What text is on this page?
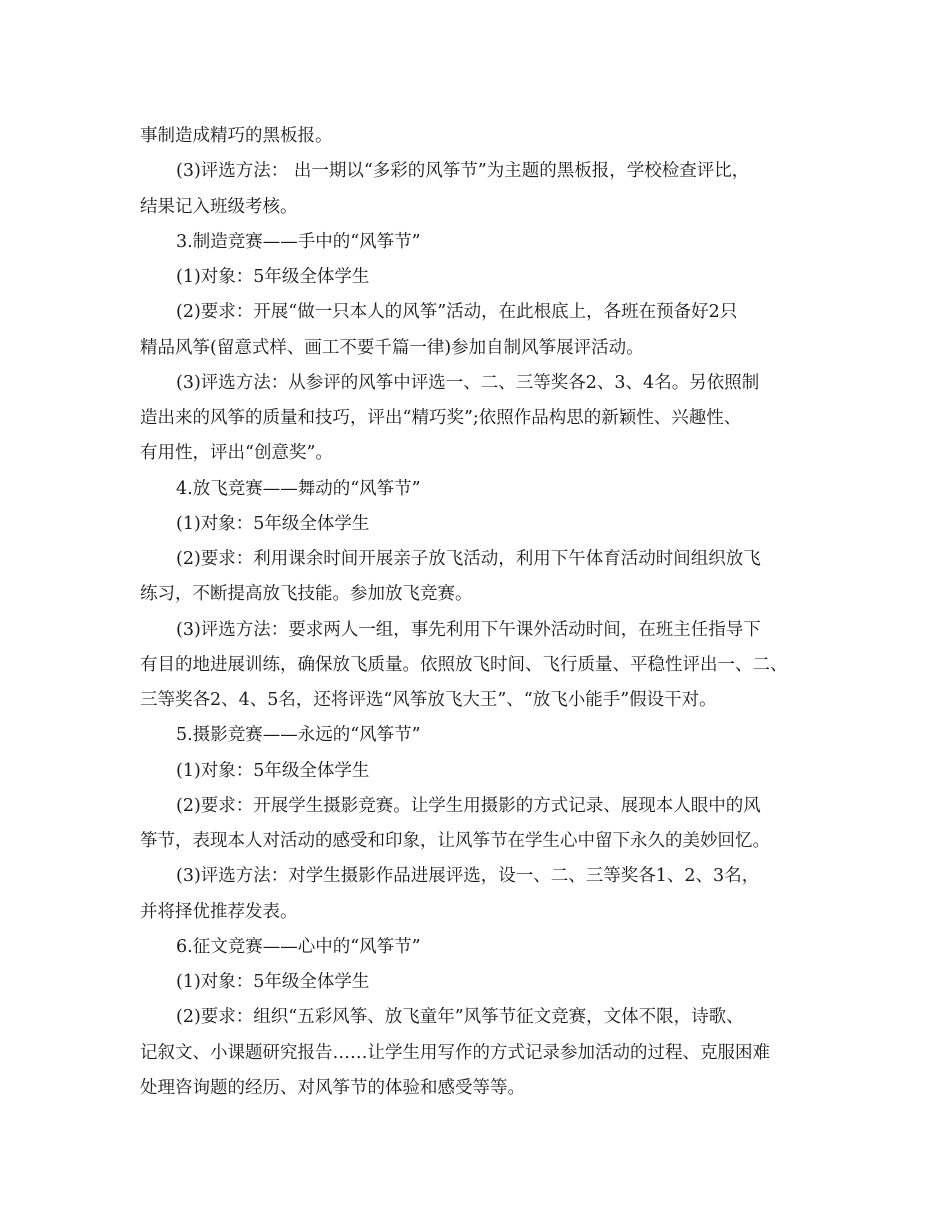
事制造成精巧的黑板报。
(3)评选方法： 出一期以“多彩的风筝节”为主题的黑板报，学校检查评比，
结果记入班级考核。
3.制造竞赛——手中的“风筝节”
(1)对象：5年级全体学生
(2)要求：开展“做一只本人的风筝”活动，在此根底上，各班在预备好2只
精品风筝(留意式样、画工不要千篇一律)参加自制风筝展评活动。
(3)评选方法：从参评的风筝中评选一、二、三等奖各2、3、4名。另依照制
造出来的风筝的质量和技巧，评出“精巧奖”;依照作品构思的新颖性、兴趣性、
有用性，评出“创意奖”。
4.放飞竞赛——舞动的“风筝节”
(1)对象：5年级全体学生
(2)要求：利用课余时间开展亲子放飞活动，利用下午体育活动时间组织放飞
练习，不断提高放飞技能。参加放飞竞赛。
(3)评选方法：要求两人一组，事先利用下午课外活动时间，在班主任指导下
有目的地进展训练，确保放飞质量。依照放飞时间、飞行质量、平稳性评出一、二、
三等奖各2、4、5名，还将评选“风筝放飞大王”、“放飞小能手”假设干对。
5.摄影竞赛——永远的“风筝节”
(1)对象：5年级全体学生
(2)要求：开展学生摄影竞赛。让学生用摄影的方式记录、展现本人眼中的风
筝节，表现本人对活动的感受和印象，让风筝节在学生心中留下永久的美妙回忆。
(3)评选方法：对学生摄影作品进展评选，设一、二、三等奖各1、2、3名，
并将择优推荐发表。
6.征文竞赛——心中的“风筝节”
(1)对象：5年级全体学生
(2)要求：组织“五彩风筝、放飞童年”风筝节征文竞赛，文体不限，诗歌、
记叙文、小课题研究报告……让学生用写作的方式记录参加活动的过程、克服困难
处理咨询题的经历、对风筝节的体验和感受等等。
